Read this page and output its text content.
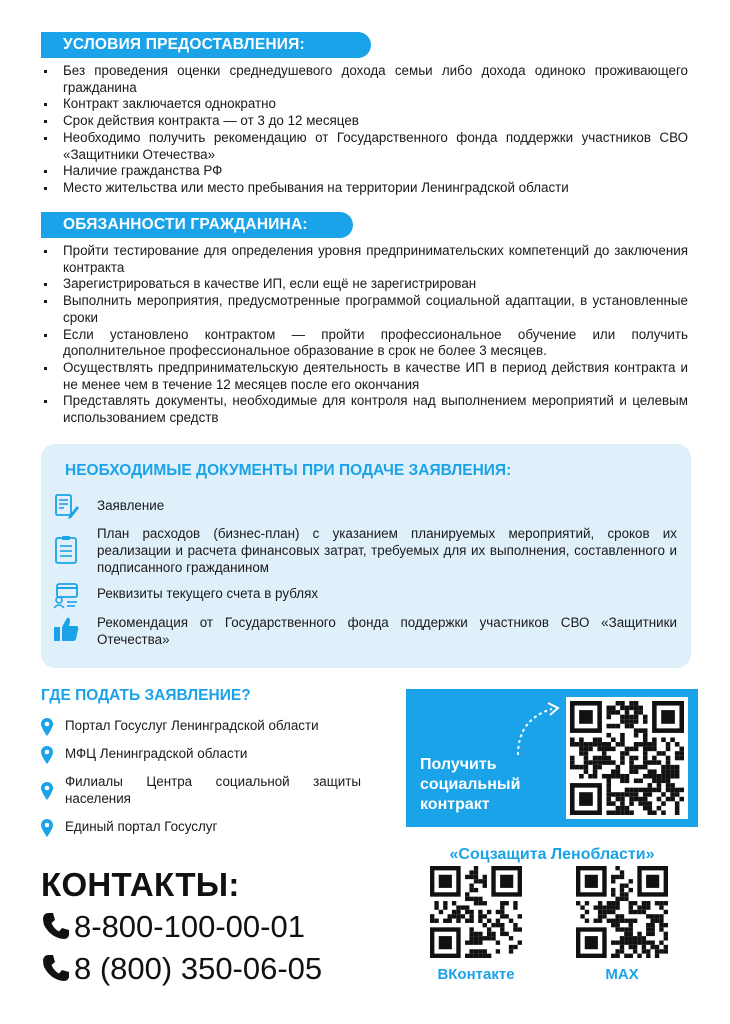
УСЛОВИЯ ПРЕДОСТАВЛЕНИЯ:
Без проведения оценки среднедушевого дохода семьи либо дохода одиноко проживающего гражданина
Контракт заключается однократно
Срок действия контракта — от 3 до 12 месяцев
Необходимо получить рекомендацию от Государственного фонда поддержки участников СВО «Защитники Отечества»
Наличие гражданства РФ
Место жительства или место пребывания на территории Ленинградской области
ОБЯЗАННОСТИ ГРАЖДАНИНА:
Пройти тестирование для определения уровня предпринимательских компетенций до заключения контракта
Зарегистрироваться в качестве ИП, если ещё не зарегистрирован
Выполнить мероприятия, предусмотренные программой социальной адаптации, в установленные сроки
Если установлено контрактом — пройти профессиональное обучение или получить дополнительное профессиональное образование в срок не более 3 месяцев.
Осуществлять предпринимательскую деятельность в качестве ИП в период действия контракта и не менее чем в течение 12 месяцев после его окончания
Представлять документы, необходимые для контроля над выполнением мероприятий и целевым использованием средств
НЕОБХОДИМЫЕ ДОКУМЕНТЫ ПРИ ПОДАЧЕ ЗАЯВЛЕНИЯ:
Заявление
План расходов (бизнес-план) с указанием планируемых мероприятий, сроков их реализации и расчета финансовых затрат, требуемых для их выполнения, составленного и подписанного гражданином
Реквизиты текущего счета в рублях
Рекомендация от Государственного фонда поддержки участников СВО «Защитники Отечества»
ГДЕ ПОДАТЬ ЗАЯВЛЕНИЕ?
Портал Госуслуг Ленинградской области
МФЦ Ленинградской области
Филиалы Центра социальной защиты населения
Единый портал Госуслуг
Получить
социальный
контракт
«Соцзащита Ленобласти»
ВКонтакте	MAX
КОНТАКТЫ:
8-800-100-00-01
8 (800) 350-06-05
